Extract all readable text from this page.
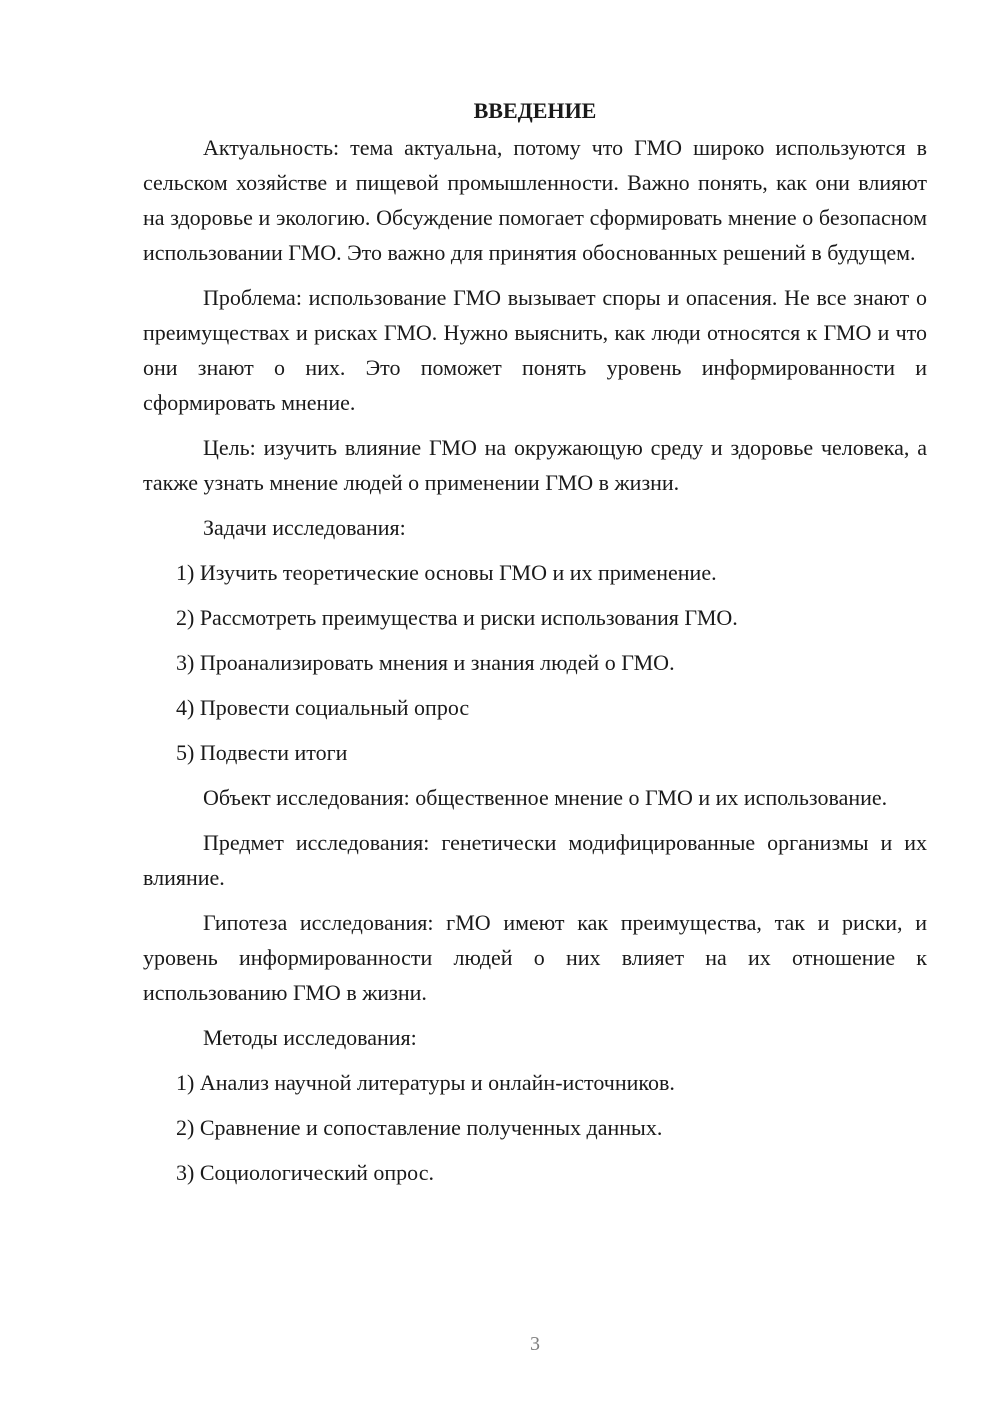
ВВЕДЕНИЕ

Актуальность: тема актуальна, потому что ГМО широко используются в сельском хозяйстве и пищевой промышленности. Важно понять, как они влияют на здоровье и экологию. Обсуждение помогает сформировать мнение о безопасном использовании ГМО. Это важно для принятия обоснованных решений в будущем.

Проблема: использование ГМО вызывает споры и опасения. Не все знают о преимуществах и рисках ГМО. Нужно выяснить, как люди относятся к ГМО и что они знают о них. Это поможет понять уровень информированности и сформировать мнение.

Цель: изучить влияние ГМО на окружающую среду и здоровье человека, а также узнать мнение людей о применении ГМО в жизни.

Задачи исследования:

1) Изучить теоретические основы ГМО и их применение.
2) Рассмотреть преимущества и риски использования ГМО.
3) Проанализировать мнения и знания людей о ГМО.
4) Провести социальный опрос
5) Подвести итоги

Объект исследования: общественное мнение о ГМО и их использование.

Предмет исследования: генетически модифицированные организмы и их влияние.

Гипотеза исследования: гМО имеют как преимущества, так и риски, и уровень информированности людей о них влияет на их отношение к использованию ГМО в жизни.

Методы исследования:

1) Анализ научной литературы и онлайн-источников.
2) Сравнение и сопоставление полученных данных.
3) Социологический опрос.
3
